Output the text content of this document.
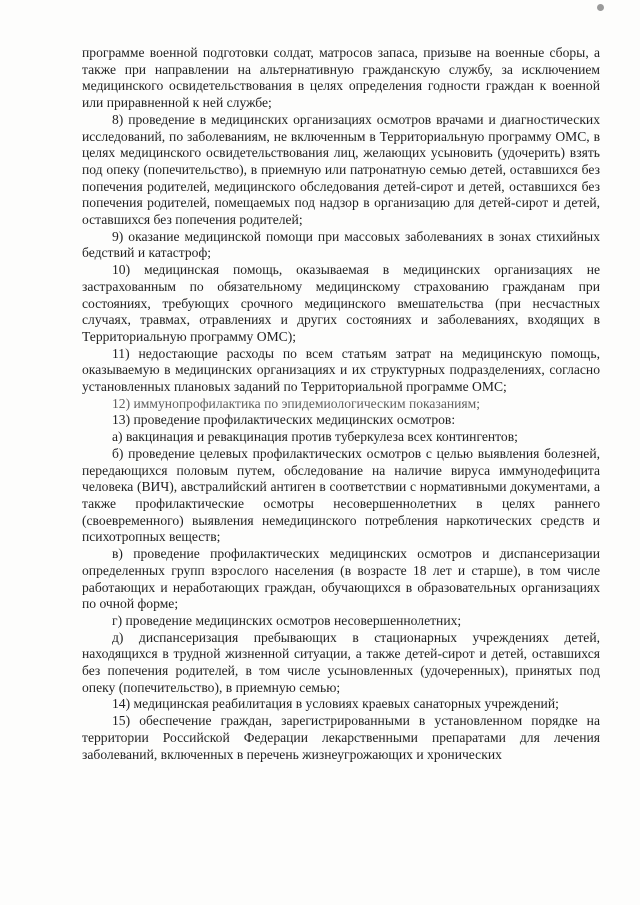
программе военной подготовки солдат, матросов запаса, призыве на военные сборы, а также при направлении на альтернативную гражданскую службу, за исключением медицинского освидетельствования в целях определения годности граждан к военной или приравненной к ней службе;

8) проведение в медицинских организациях осмотров врачами и диагностических исследований, по заболеваниям, не включенным в Территориальную программу ОМС, в целях медицинского освидетельствования лиц, желающих усыновить (удочерить) взять под опеку (попечительство), в приемную или патронатную семью детей, оставшихся без попечения родителей, медицинского обследования детей-сирот и детей, оставшихся без попечения родителей, помещаемых под надзор в организацию для детей-сирот и детей, оставшихся без попечения родителей;

9) оказание медицинской помощи при массовых заболеваниях в зонах стихийных бедствий и катастроф;

10) медицинская помощь, оказываемая в медицинских организациях не застрахованным по обязательному медицинскому страхованию гражданам при состояниях, требующих срочного медицинского вмешательства (при несчастных случаях, травмах, отравлениях и других состояниях и заболеваниях, входящих в Территориальную программу ОМС);

11) недостающие расходы по всем статьям затрат на медицинскую помощь, оказываемую в медицинских организациях и их структурных подразделениях, согласно установленных плановых заданий по Территориальной программе ОМС;

12) иммунопрофилактика по эпидемиологическим показаниям;

13) проведение профилактических медицинских осмотров:

а) вакцинация и ревакцинация против туберкулеза всех контингентов;

б) проведение целевых профилактических осмотров с целью выявления болезней, передающихся половым путем, обследование на наличие вируса иммунодефицита человека (ВИЧ), австралийский антиген в соответствии с нормативными документами, а также профилактические осмотры несовершеннолетних в целях раннего (своевременного) выявления немедицинского потребления наркотических средств и психотропных веществ;

в) проведение профилактических медицинских осмотров и диспансеризации определенных групп взрослого населения (в возрасте 18 лет и старше), в том числе работающих и неработающих граждан, обучающихся в образовательных организациях по очной форме;

г) проведение медицинских осмотров несовершеннолетних;

д) диспансеризация пребывающих в стационарных учреждениях детей, находящихся в трудной жизненной ситуации, а также детей-сирот и детей, оставшихся без попечения родителей, в том числе усыновленных (удочеренных), принятых под опеку (попечительство), в приемную семью;

14) медицинская реабилитация в условиях краевых санаторных учреждений;

15) обеспечение граждан, зарегистрированными в установленном порядке на территории Российской Федерации лекарственными препаратами для лечения заболеваний, включенных в перечень жизнеугрожающих и хронических
